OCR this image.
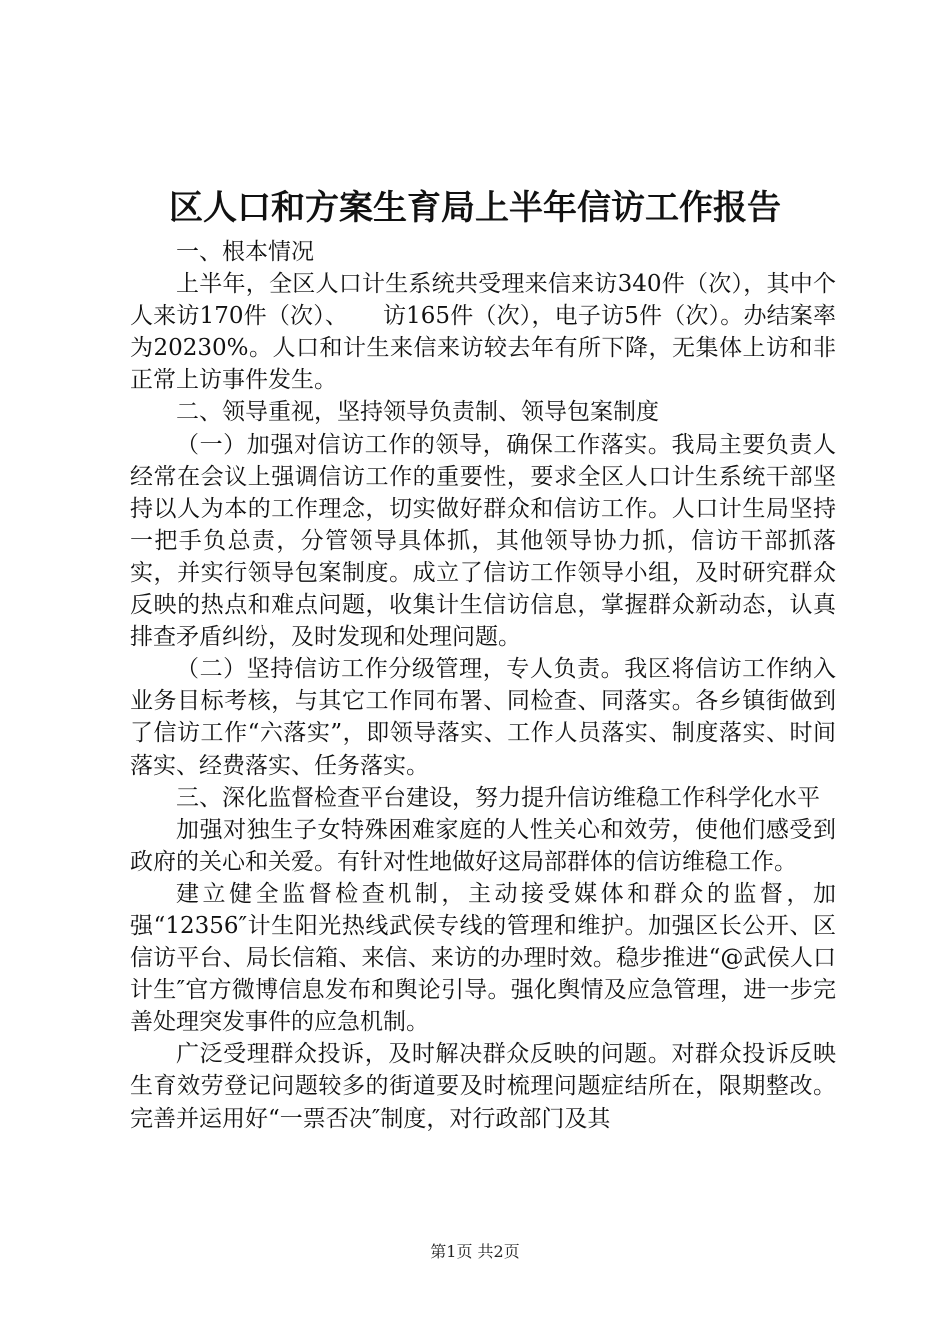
区人口和方案生育局上半年信访工作报告

一、根本情况

上半年，全区人口计生系统共受理来信来访340件（次），其中个人来访170件（次）、　　访165件（次），电子访5件（次）。办结案率为20230%。人口和计生来信来访较去年有所下降，无集体上访和非正常上访事件发生。

二、领导重视，坚持领导负责制、领导包案制度

（一）加强对信访工作的领导，确保工作落实。我局主要负责人经常在会议上强调信访工作的重要性，要求全区人口计生系统干部坚持以人为本的工作理念，切实做好群众和信访工作。人口计生局坚持一把手负总责，分管领导具体抓，其他领导协力抓，信访干部抓落实，并实行领导包案制度。成立了信访工作领导小组，及时研究群众反映的热点和难点问题，收集计生信访信息，掌握群众新动态，认真排查矛盾纠纷，及时发现和处理问题。

（二）坚持信访工作分级管理，专人负责。我区将信访工作纳入业务目标考核，与其它工作同布署、同检查、同落实。各乡镇街做到了信访工作“六落实”，即领导落实、工作人员落实、制度落实、时间落实、经费落实、任务落实。

三、深化监督检查平台建设，努力提升信访维稳工作科学化水平

加强对独生子女特殊困难家庭的人性关心和效劳，使他们感受到政府的关心和关爱。有针对性地做好这局部群体的信访维稳工作。

建立健全监督检查机制，主动接受媒体和群众的监督，加强“12356″计生阳光热线武侯专线的管理和维护。加强区长公开、区信访平台、局长信箱、来信、来访的办理时效。稳步推进“@武侯人口计生″官方微博信息发布和舆论引导。强化舆情及应急管理，进一步完善处理突发事件的应急机制。

广泛受理群众投诉，及时解决群众反映的问题。对群众投诉反映生育效劳登记问题较多的街道要及时梳理问题症结所在，限期整改。完善并运用好“一票否决″制度，对行政部门及其

第1页 共2页
